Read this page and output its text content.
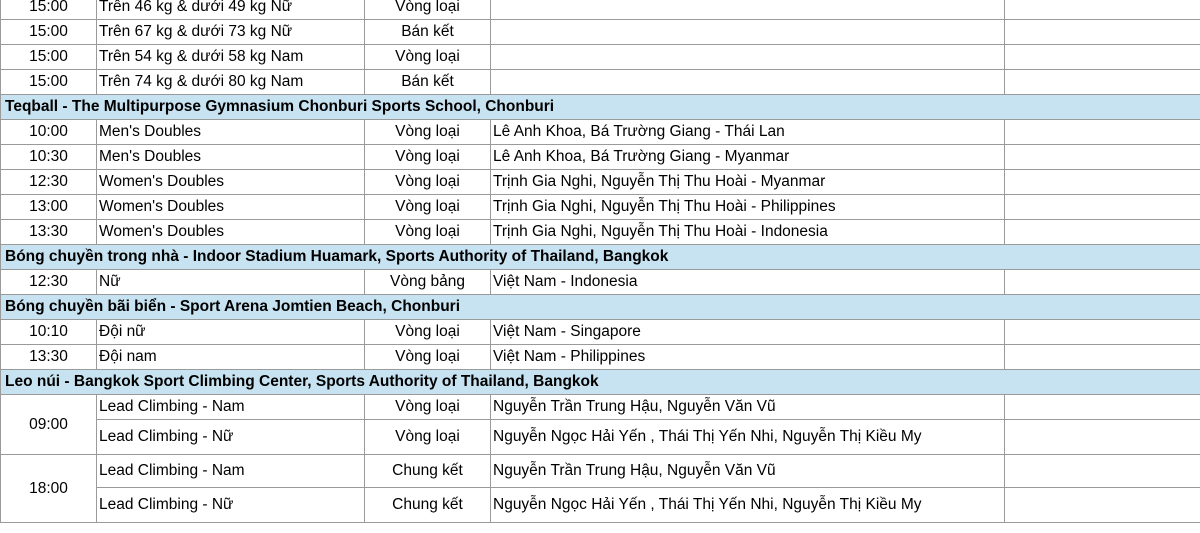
15:00	Trên 46 kg & dưới 49 kg Nữ	Vòng loại		
15:00	Trên 67 kg & dưới 73 kg Nữ	Bán kết		
15:00	Trên 54 kg & dưới 58 kg Nam	Vòng loại		
15:00	Trên 74 kg & dưới 80 kg Nam	Bán kết		
Teqball - The Multipurpose Gymnasium Chonburi Sports School, Chonburi				
10:00	Men's Doubles	Vòng loại	Lê Anh Khoa, Bá Trường Giang - Thái Lan	
10:30	Men's Doubles	Vòng loại	Lê Anh Khoa, Bá Trường Giang - Myanmar	
12:30	Women's Doubles	Vòng loại	Trịnh Gia Nghi, Nguyễn Thị Thu Hoài - Myanmar	
13:00	Women's Doubles	Vòng loại	Trịnh Gia Nghi, Nguyễn Thị Thu Hoài - Philippines	
13:30	Women's Doubles	Vòng loại	Trịnh Gia Nghi, Nguyễn Thị Thu Hoài - Indonesia	
Bóng chuyền trong nhà - Indoor Stadium Huamark, Sports Authority of Thailand, Bangkok				
12:30	Nữ	Vòng bảng	Việt Nam - Indonesia	
Bóng chuyền bãi biển - Sport Arena Jomtien Beach, Chonburi				
10:10	Đội nữ	Vòng loại	Việt Nam - Singapore	
13:30	Đội nam	Vòng loại	Việt Nam - Philippines	
Leo núi - Bangkok Sport Climbing Center, Sports Authority of Thailand, Bangkok				
09:00	Lead Climbing - Nam	Vòng loại	Nguyễn Trần Trung Hậu, Nguyễn Văn Vũ	
	Lead Climbing - Nữ	Vòng loại	Nguyễn Ngọc Hải Yến , Thái Thị Yến Nhi, Nguyễn Thị Kiều My	
18:00	Lead Climbing - Nam	Chung kết	Nguyễn Trần Trung Hậu, Nguyễn Văn Vũ	
	Lead Climbing - Nữ	Chung kết	Nguyễn Ngọc Hải Yến , Thái Thị Yến Nhi, Nguyễn Thị Kiều My	
